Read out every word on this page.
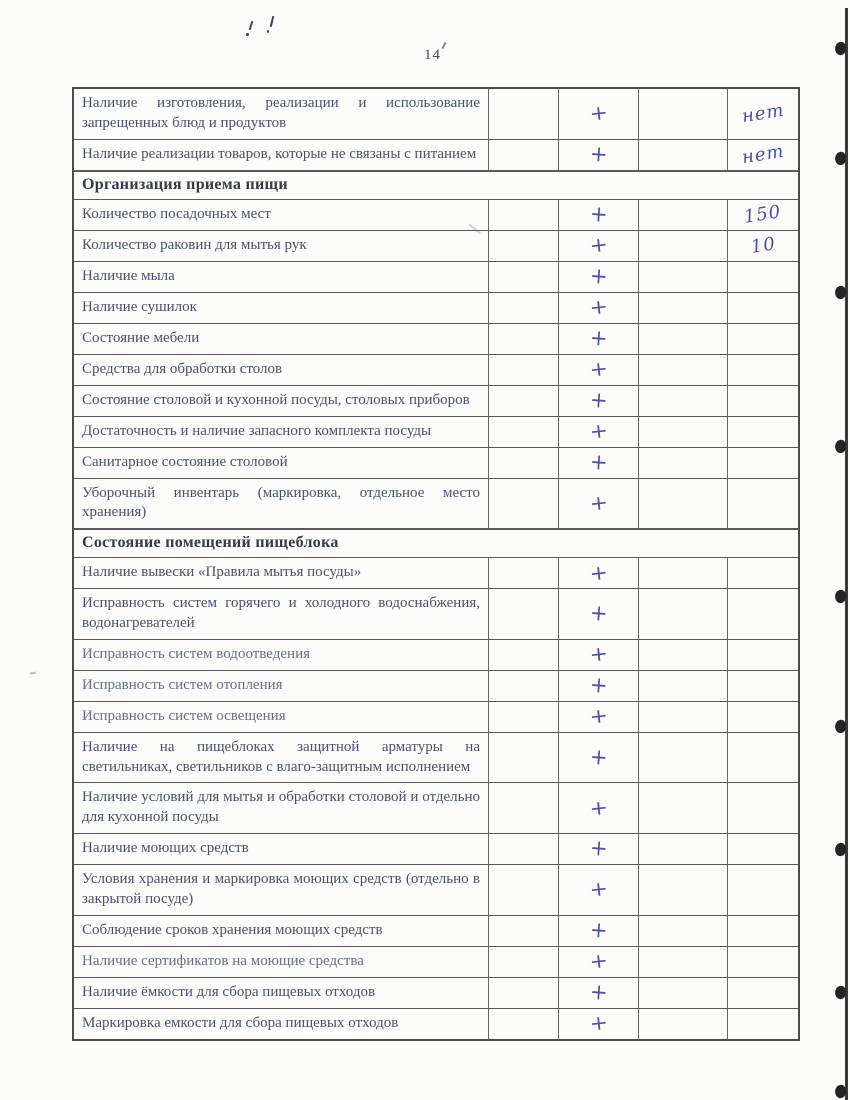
14
Наличие изготовления, реализации и использование запрещенных блюд и продуктов	+	нет
Наличие реализации товаров, которые не связаны с питанием	+	нет
Организация приема пищи
Количество посадочных мест	+	150
Количество раковин для мытья рук	+	10
Наличие мыла	+
Наличие сушилок	+
Состояние мебели	+
Средства для обработки столов	+
Состояние столовой и кухонной посуды, столовых приборов	+
Достаточность и наличие запасного комплекта посуды	+
Санитарное состояние столовой	+
Уборочный инвентарь (маркировка, отдельное место хранения)	+
Состояние помещений пищеблока
Наличие вывески «Правила мытья посуды»	+
Исправность систем горячего и холодного водоснабжения, водонагревателей	+
Исправность систем водоотведения	+
Исправность систем отопления	+
Исправность систем освещения	+
Наличие на пищеблоках защитной арматуры на светильниках, светильников с влаго-защитным исполнением	+
Наличие условий для мытья и обработки столовой и отдельно для кухонной посуды	+
Наличие моющих средств	+
Условия хранения и маркировка моющих средств (отдельно в закрытой посуде)	+
Соблюдение сроков хранения моющих средств	+
Наличие сертификатов на моющие средства	+
Наличие ёмкости для сбора пищевых отходов	+
Маркировка емкости для сбора пищевых отходов	+
